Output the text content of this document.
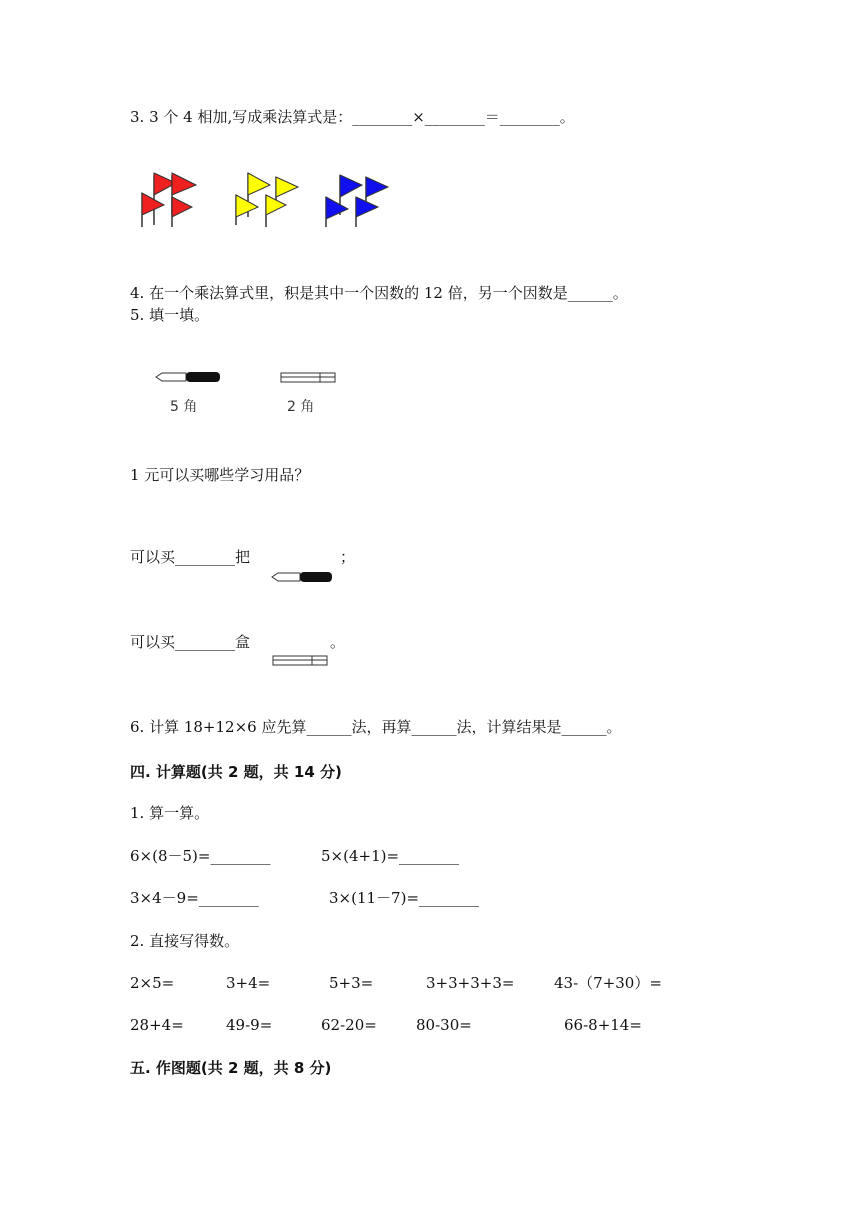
3. 3 个 4 相加,写成乘法算式是：________×________＝________。
4. 在一个乘法算式里，积是其中一个因数的 12 倍，另一个因数是______。
5. 填一填。
5 角	2 角
1 元可以买哪些学习用品？
可以买________把	；
可以买________盒	。
6. 计算 18+12×6 应先算______法，再算______法，计算结果是______。
四. 计算题(共 2 题，共 14 分)
1. 算一算。
6×(8－5)=________	5×(4+1)=________
3×4－9=________	3×(11－7)=________
2. 直接写得数。
2×5=	3+4=	5+3=	3+3+3+3=	43-（7+30）=
28+4=	49-9=	62-20=	80-30=	66-8+14=
五. 作图题(共 2 题，共 8 分)
